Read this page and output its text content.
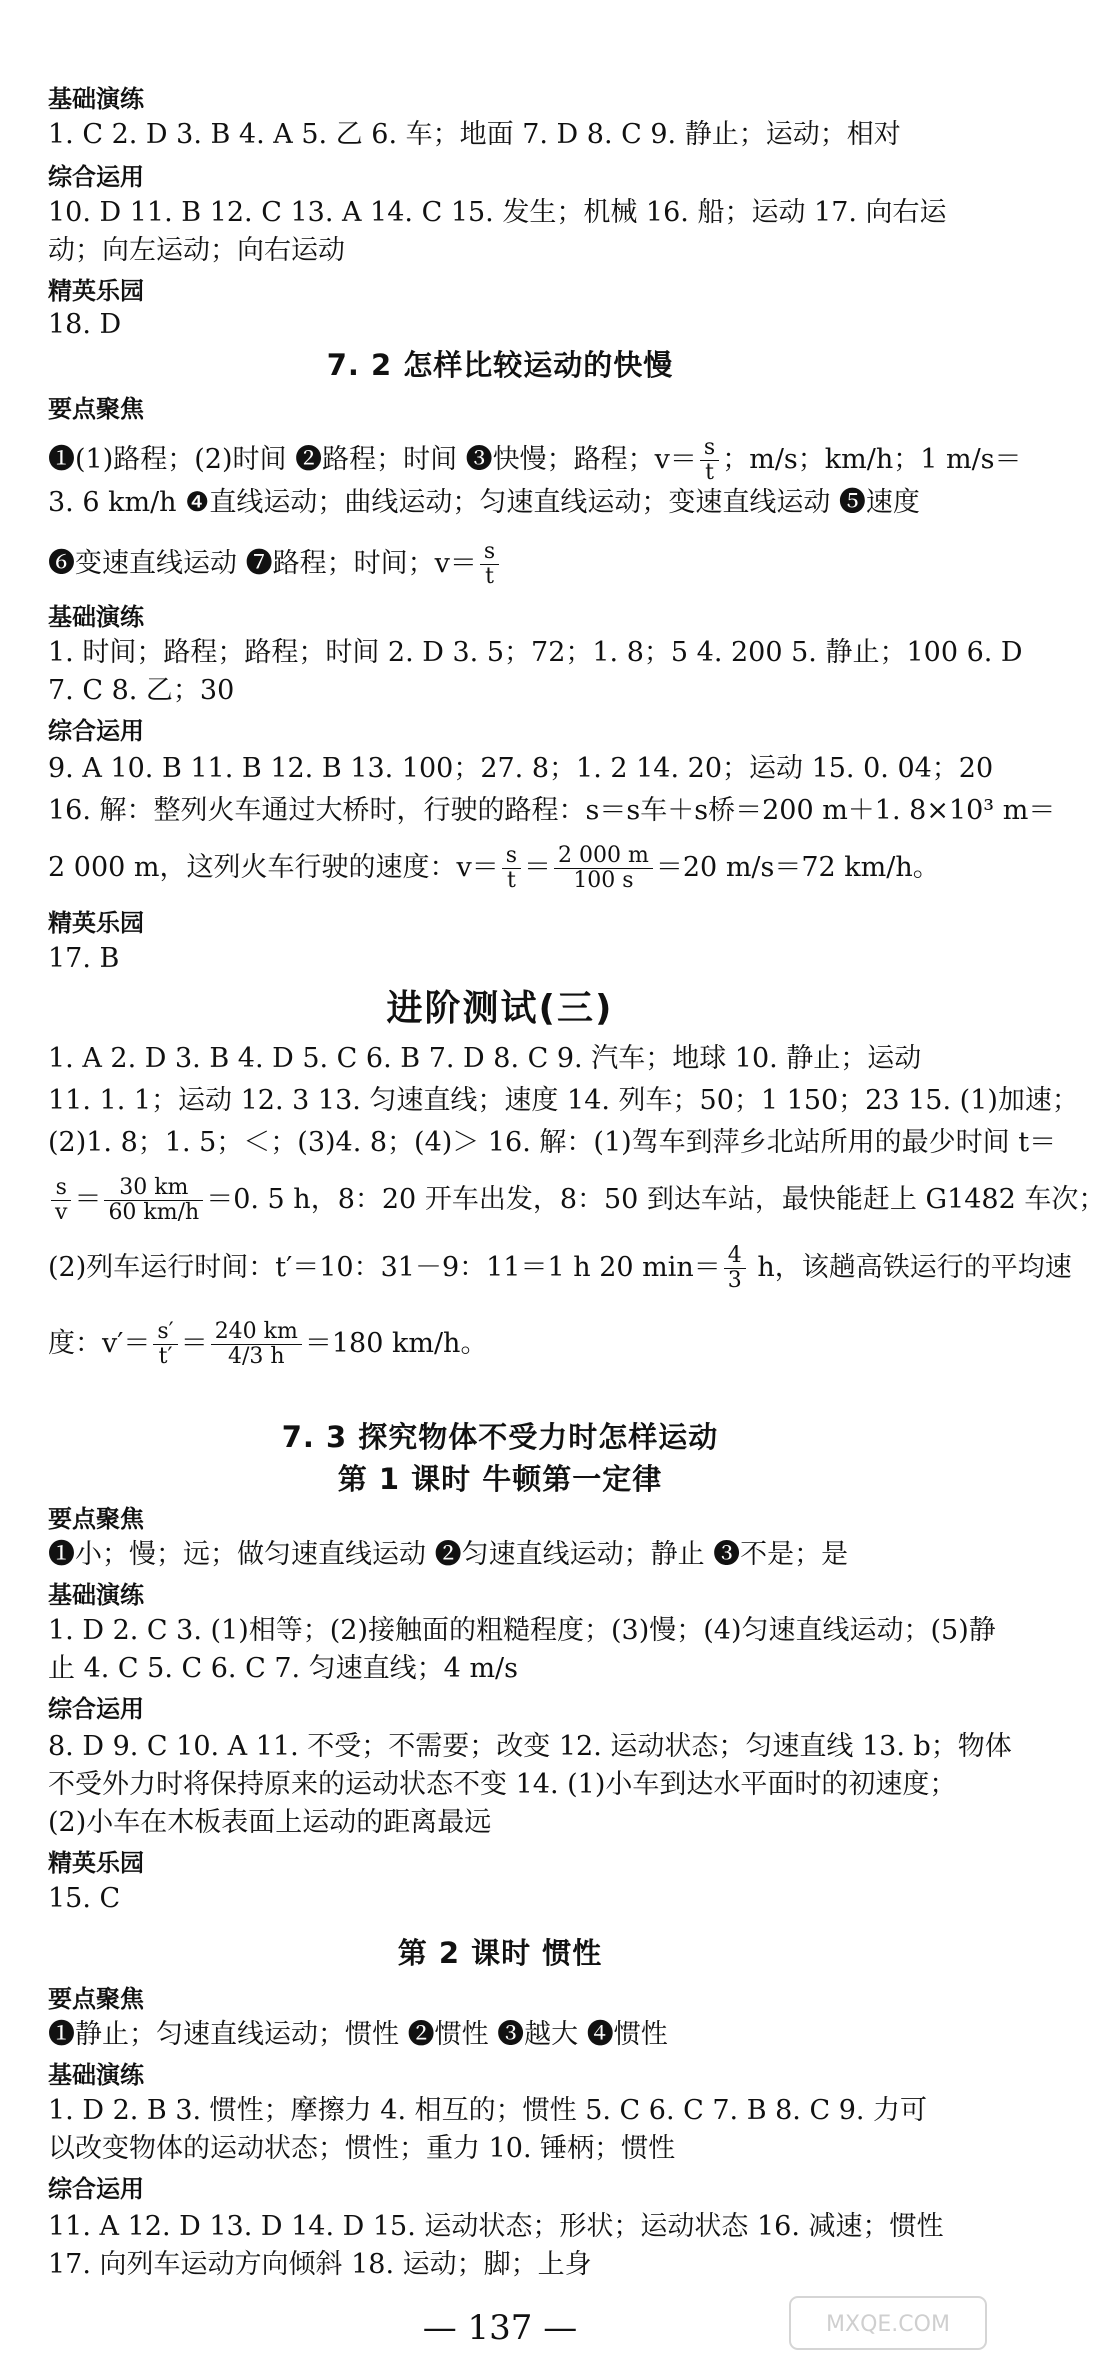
基础演练
1. C 2. D 3. B 4. A 5. 乙 6. 车；地面 7. D 8. C 9. 静止；运动；相对
综合运用
10. D 11. B 12. C 13. A 14. C 15. 发生；机械 16. 船；运动 17. 向右运
动；向左运动；向右运动
精英乐园
18. D
7. 2 怎样比较运动的快慢
要点聚焦
❶(1)路程；(2)时间 ❷路程；时间 ❸快慢；路程；$v= \frac{s}{t}$ ；m/s；km/h；1 m/s＝
3. 6 km/h ❹直线运动；曲线运动；匀速直线运动；变速直线运动 ❺速度
❻变速直线运动 ❼路程；时间；$v= \frac{s}{t}$
基础演练
1. 时间；路程；路程；时间 2. D 3. 5；72；1. 8；5 4. 200 5. 静止；100 6. D
7. C 8. 乙；30
综合运用
9. A 10. B 11. B 12. B 13. 100；27. 8；1. 2 14. 20；运动 15. 0. 04；20
16. 解：整列火车通过大桥时，行驶的路程：s＝s车＋s桥＝200 m＋1. 8×10³ m＝
2 000 m，这列火车行驶的速度：$v= \frac{s}{t} = \frac{2 000 m}{100 s} =20$ m/s＝72 km/h。
精英乐园
17. B
进阶测试(三)
1. A 2. D 3. B 4. D 5. C 6. B 7. D 8. C 9. 汽车；地球 10. 静止；运动
11. 1. 1；运动 12. 3 13. 匀速直线；速度 14. 列车；50；1 150；23 15. (1)加速；
(2)1. 8；1. 5；＜；(3)4. 8；(4)＞ 16. 解：(1)驾车到萍乡北站所用的最少时间 t＝
$\frac{s}{v} = \frac{30 km}{60 km/h} =0$. 5 h，8：20 开车出发，8：50 到达车站，最快能赶上 G1482 车次；
(2)列车运行时间：t′＝10：31－9：11＝1 h 20 $\min= \frac{4}{3}$ h，该趟高铁运行的平均速
度：$v'= \frac{s'}{t'} = \frac{240 km}{4/3 h} =180$ km/h。
7. 3 探究物体不受力时怎样运动
第 1 课时 牛顿第一定律
要点聚焦
❶小；慢；远；做匀速直线运动 ❷匀速直线运动；静止 ❸不是；是
基础演练
1. D 2. C 3. (1)相等；(2)接触面的粗糙程度；(3)慢；(4)匀速直线运动；(5)静
止 4. C 5. C 6. C 7. 匀速直线；4 m/s
综合运用
8. D 9. C 10. A 11. 不受；不需要；改变 12. 运动状态；匀速直线 13. b；物体
不受外力时将保持原来的运动状态不变 14. (1)小车到达水平面时的初速度；
(2)小车在木板表面上运动的距离最远
精英乐园
15. C
第 2 课时 惯性
要点聚焦
❶静止；匀速直线运动；惯性 ❷惯性 ❸越大 ❹惯性
基础演练
1. D 2. B 3. 惯性；摩擦力 4. 相互的；惯性 5. C 6. C 7. B 8. C 9. 力可
以改变物体的运动状态；惯性；重力 10. 锤柄；惯性
综合运用
11. A 12. D 13. D 14. D 15. 运动状态；形状；运动状态 16. 减速；惯性
17. 向列车运动方向倾斜 18. 运动；脚；上身
— 137 —	MXQE.COM
